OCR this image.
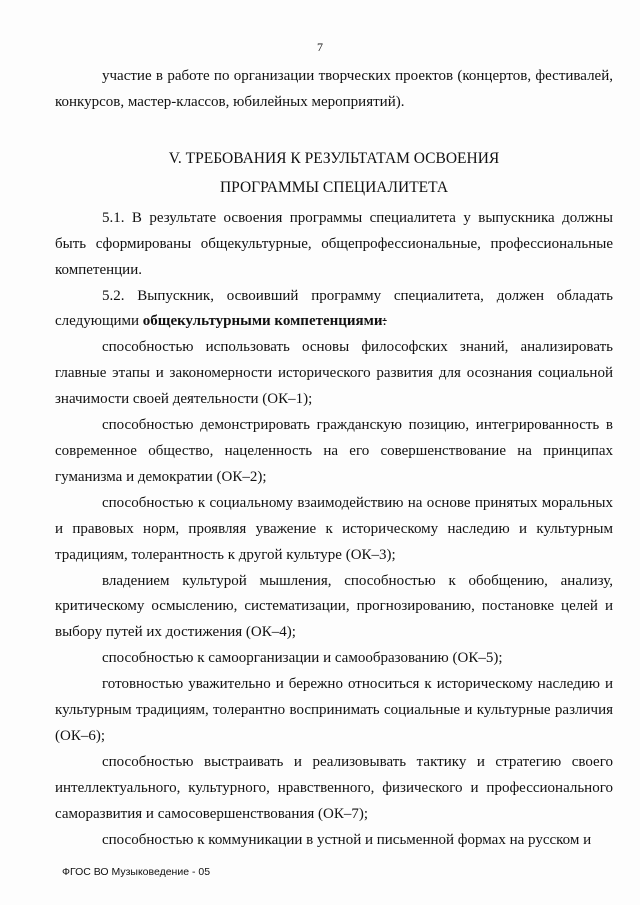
7

участие в работе по организации творческих проектов (концертов, фестивалей, конкурсов, мастер-классов, юбилейных мероприятий).

V. ТРЕБОВАНИЯ К РЕЗУЛЬТАТАМ ОСВОЕНИЯ
ПРОГРАММЫ СПЕЦИАЛИТЕТА

5.1. В результате освоения программы специалитета у выпускника должны быть сформированы общекультурные, общепрофессиональные, профессиональные компетенции.

5.2. Выпускник, освоивший программу специалитета, должен обладать следующими общекультурными компетенциями:

способностью использовать основы философских знаний, анализировать главные этапы и закономерности исторического развития для осознания социальной значимости своей деятельности (ОК–1);

способностью демонстрировать гражданскую позицию, интегрированность в современное общество, нацеленность на его совершенствование на принципах гуманизма и демократии (ОК–2);

способностью к социальному взаимодействию на основе принятых моральных и правовых норм, проявляя уважение к историческому наследию и культурным традициям, толерантность к другой культуре (ОК–3);

владением культурой мышления, способностью к обобщению, анализу, критическому осмыслению, систематизации, прогнозированию, постановке целей и выбору путей их достижения (ОК–4);

способностью к самоорганизации и самообразованию (ОК–5);

готовностью уважительно и бережно относиться к историческому наследию и культурным традициям, толерантно воспринимать социальные и культурные различия (ОК–6);

способностью выстраивать и реализовывать тактику и стратегию своего интеллектуального, культурного, нравственного, физического и профессионального саморазвития и самосовершенствования (ОК–7);

способностью к коммуникации в устной и письменной формах на русском и

ФГОС ВО Музыковедение - 05
